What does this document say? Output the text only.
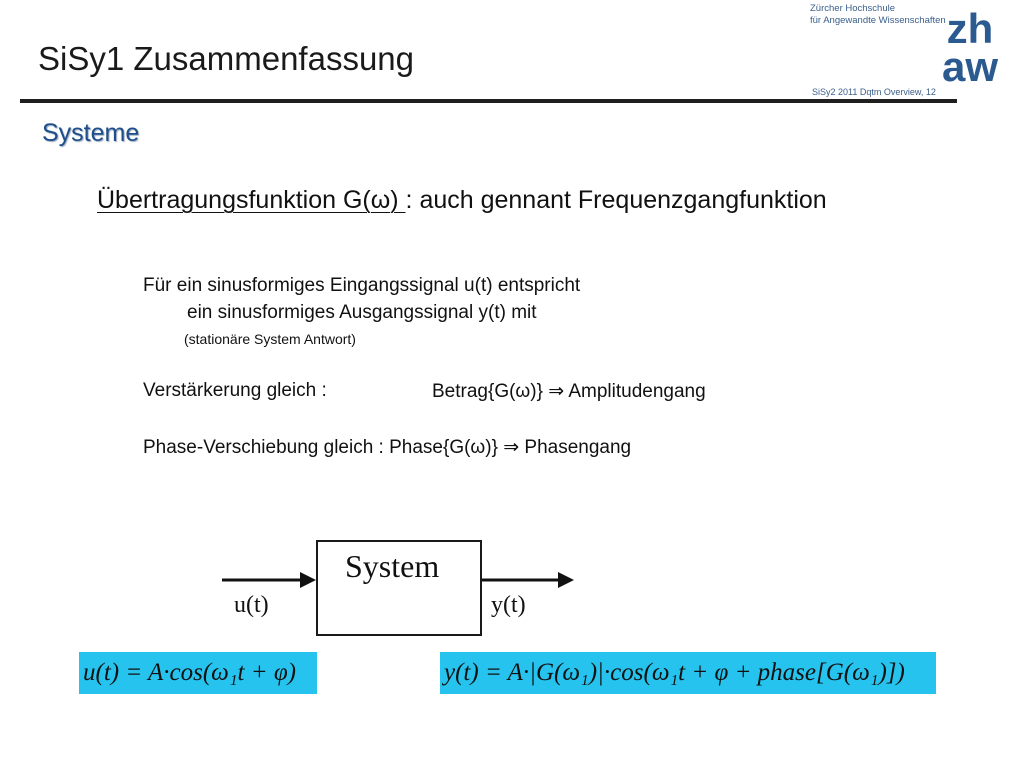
SiSy1 Zusammenfassung
Zürcher Hochschule
für Angewandte Wissenschaften zh
aw
SiSy2 2011 Dqtm Overview, 12
Systeme
Übertragungsfunktion G(ω) : auch gennant Frequenzgangfunktion
Für ein sinusformiges Eingangssignal u(t) entspricht
ein sinusformiges Ausgangssignal y(t) mit
(stationäre System Antwort)
Verstärkerung gleich :	Betrag{G(ω)} ⇒ Amplitudengang
Phase-Verschiebung gleich : Phase{G(ω)} ⇒ Phasengang
System
u(t)	y(t)
u(t) = A·cos(ω₁t + φ)	y(t) = A·|G(ω₁)|·cos(ω₁t + φ + phase[G(ω₁)])
